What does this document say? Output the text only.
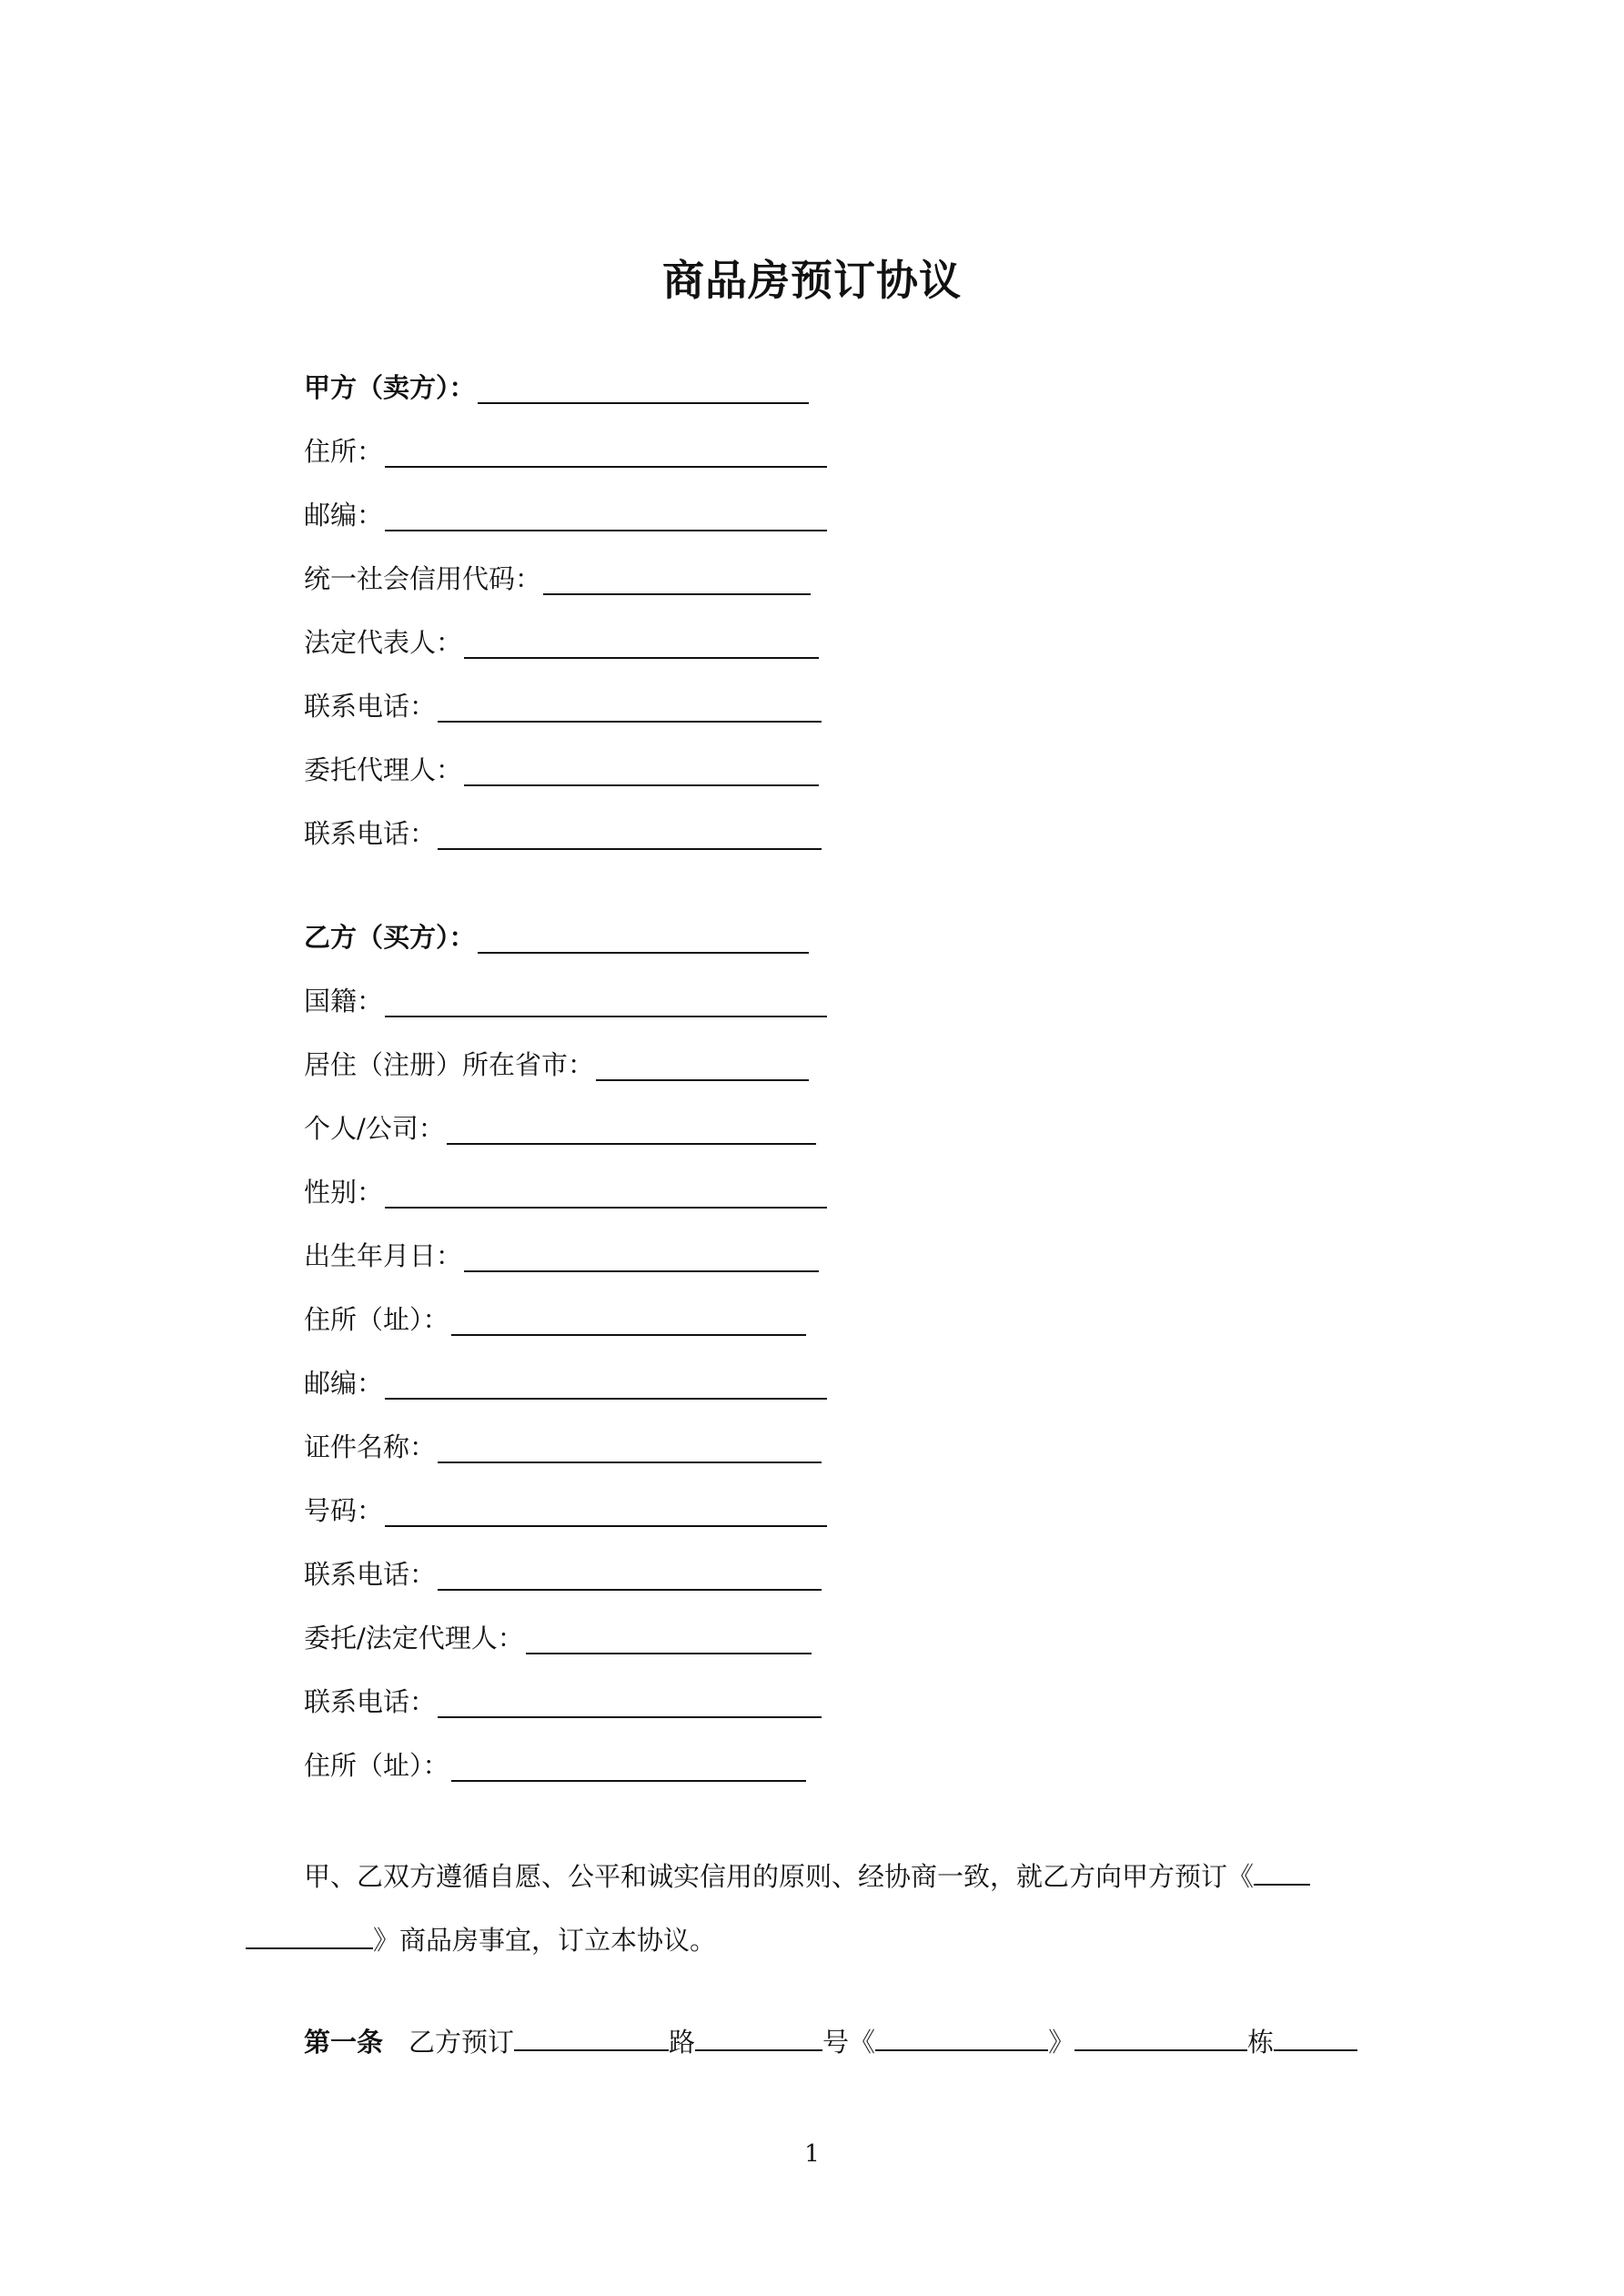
商品房预订协议
甲方（卖方）：
住所：
邮编：
统一社会信用代码：
法定代表人：
联系电话：
委托代理人：
联系电话：
乙方（买方）：
国籍：
居住（注册）所在省市：
个人/公司：
性别：
出生年月日：
住所（址）：
邮编：
证件名称：
号码：
联系电话：
委托/法定代理人：
联系电话：
住所（址）：
甲、乙双方遵循自愿、公平和诚实信用的原则、经协商一致，就乙方向甲方预订《
》商品房事宜，订立本协议。
第一条 乙方预订	路	号《	》	栋
1
